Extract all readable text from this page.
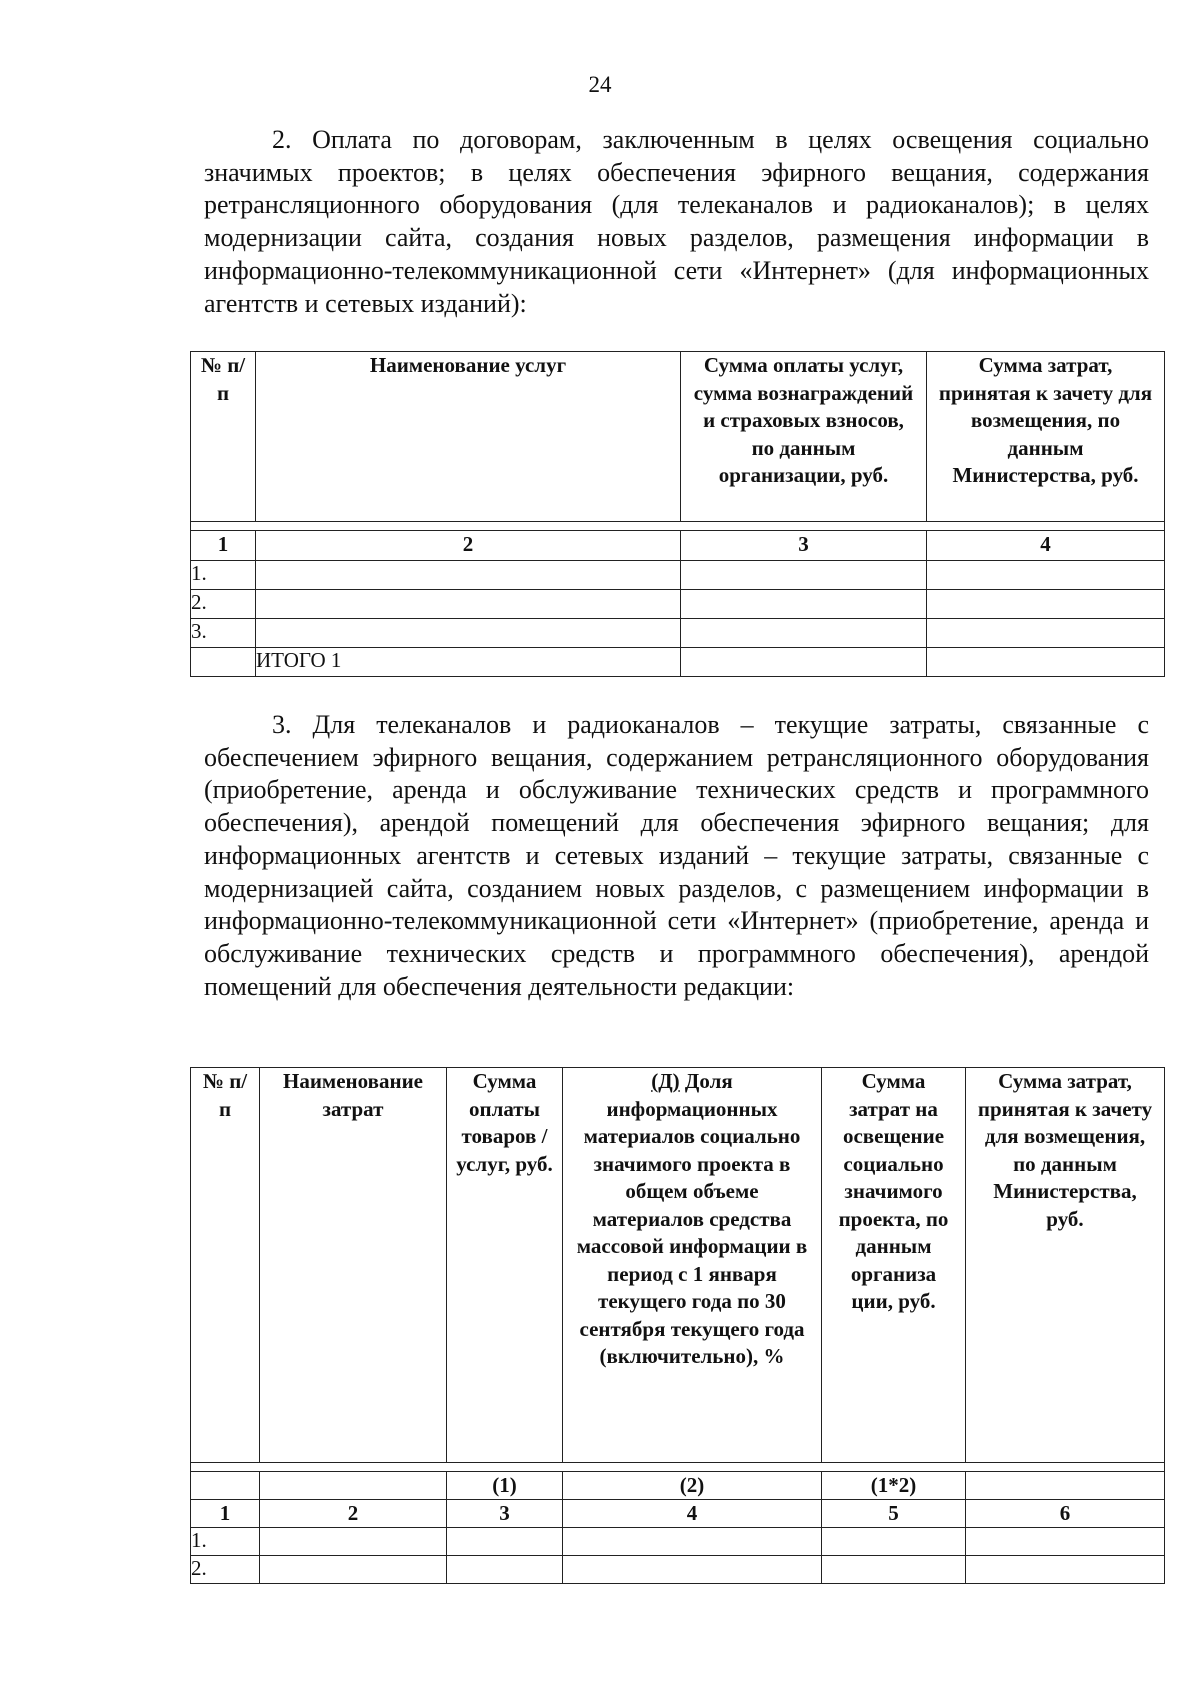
24

2. Оплата по договорам, заключенным в целях освещения социально значимых проектов; в целях обеспечения эфирного вещания, содержания ретрансляционного оборудования (для телеканалов и радиоканалов); в целях модернизации сайта, создания новых разделов, размещения информации в информационно-телекоммуникационной сети «Интернет» (для информационных агентств и сетевых изданий):

№ п/п	Наименование услуг	Сумма оплаты услуг, сумма вознаграждений и страховых взносов, по данным организации, руб.	Сумма затрат, принятая к зачету для возмещения, по данным Министерства, руб.

1	2	3	4
1.			
2.			
3.			
	ИТОГО 1		

3. Для телеканалов и радиоканалов – текущие затраты, связанные с обеспечением эфирного вещания, содержанием ретрансляционного оборудования (приобретение, аренда и обслуживание технических средств и программного обеспечения), арендой помещений для обеспечения эфирного вещания; для информационных агентств и сетевых изданий – текущие затраты, связанные с модернизацией сайта, созданием новых разделов, с размещением информации в информационно-телекоммуникационной сети «Интернет» (приобретение, аренда и обслуживание технических средств и программного обеспечения), арендой помещений для обеспечения деятельности редакции:

№ п/п	Наименование затрат	Сумма оплаты товаров /услуг, руб.	(Д) Доля информационных материалов социально значимого проекта в общем объеме материалов средства массовой информации в период с 1 января текущего года по 30 сентября текущего года (включительно), %	Сумма затрат на освещение социально значимого проекта, по данным организа ции, руб.	Сумма затрат, принятая к зачету для возмещения, по данным Министерства, руб.

		(1)	(2)	(1*2)	
1	2	3	4	5	6
1.					
2.					
